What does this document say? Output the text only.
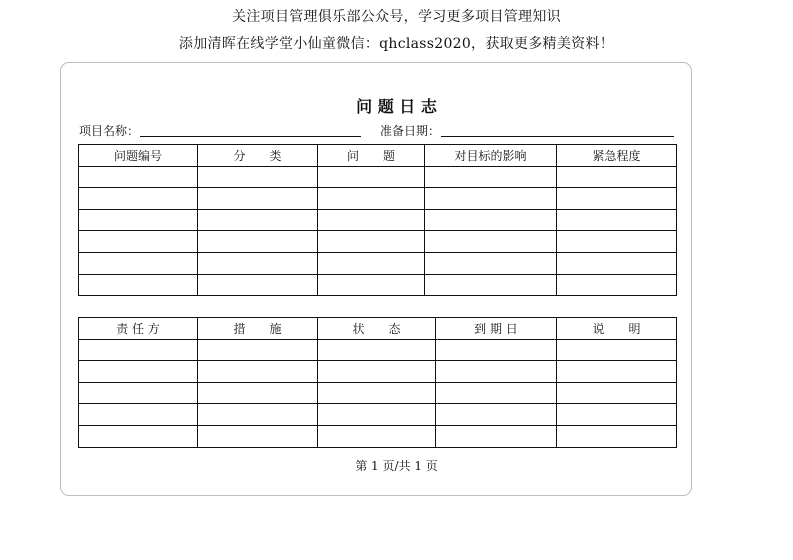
关注项目管理俱乐部公众号，学习更多项目管理知识
添加清晖在线学堂小仙童微信：qhclass2020，获取更多精美资料！
问 题 日 志
项目名称：	准备日期：
问题编号	分　　类	问　　题	对目标的影响	紧急程度

责 任 方	措　　施	状　　态	到 期 日	说　　明

第 1 页/共 1 页
